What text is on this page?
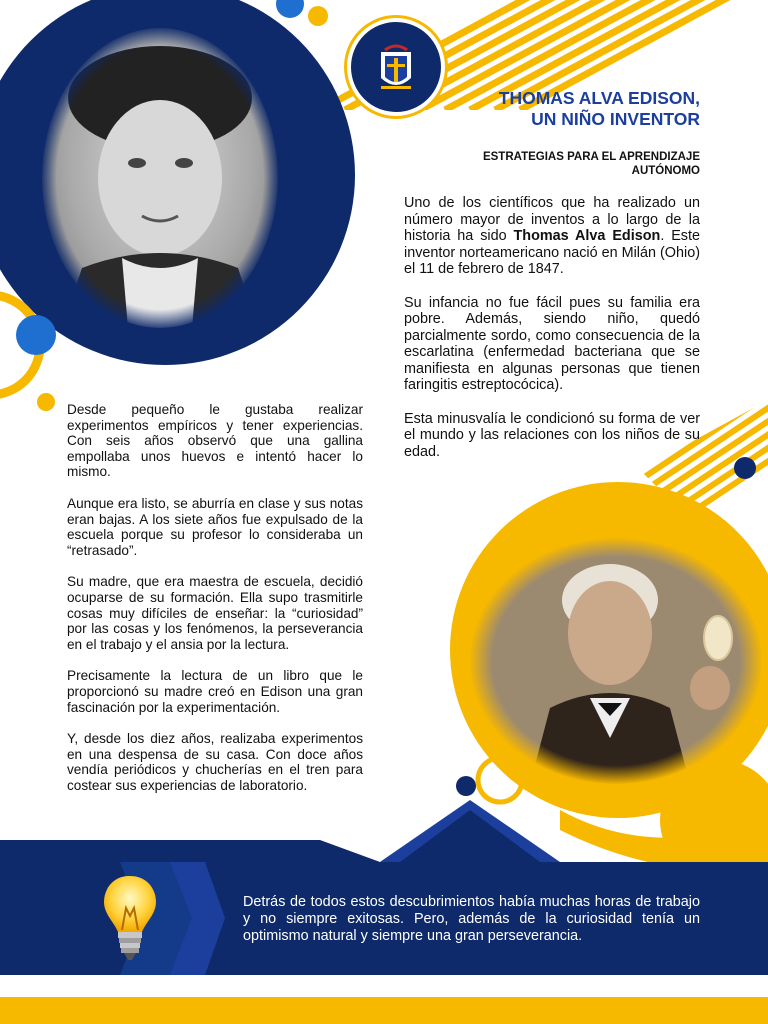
THOMAS ALVA EDISON,
UN NIÑO INVENTOR
ESTRATEGIAS PARA EL APRENDIZAJE
AUTÓNOMO

Uno de los científicos que ha realizado un número mayor de inventos a lo largo de la historia ha sido Thomas Alva Edison. Este inventor norteamericano nació en Milán (Ohio) el 11 de febrero de 1847.

Su infancia no fue fácil pues su familia era pobre. Además, siendo niño, quedó parcialmente sordo, como consecuencia de la escarlatina (enfermedad bacteriana que se manifiesta en algunas personas que tienen faringitis estreptocócica).

Esta minusvalía le condicionó su forma de ver el mundo y las relaciones con los niños de su edad.

Desde pequeño le gustaba realizar experimentos empíricos y tener experiencias. Con seis años observó que una gallina empollaba unos huevos e intentó hacer lo mismo.

Aunque era listo, se aburría en clase y sus notas eran bajas. A los siete años fue expulsado de la escuela porque su profesor lo consideraba un “retrasado”.

Su madre, que era maestra de escuela, decidió ocuparse de su formación. Ella supo trasmitirle cosas muy difíciles de enseñar: la “curiosidad” por las cosas y los fenómenos, la perseverancia en el trabajo y el ansia por la lectura.

Precisamente la lectura de un libro que le proporcionó su madre creó en Edison una gran fascinación por la experimentación.

Y, desde los diez años, realizaba experimentos en una despensa de su casa. Con doce años vendía periódicos y chucherías en el tren para costear sus experiencias de laboratorio.

Detrás de todos estos descubrimientos había muchas horas de trabajo y no siempre exitosas. Pero, además de la curiosidad tenía un optimismo natural y siempre una gran perseverancia.
